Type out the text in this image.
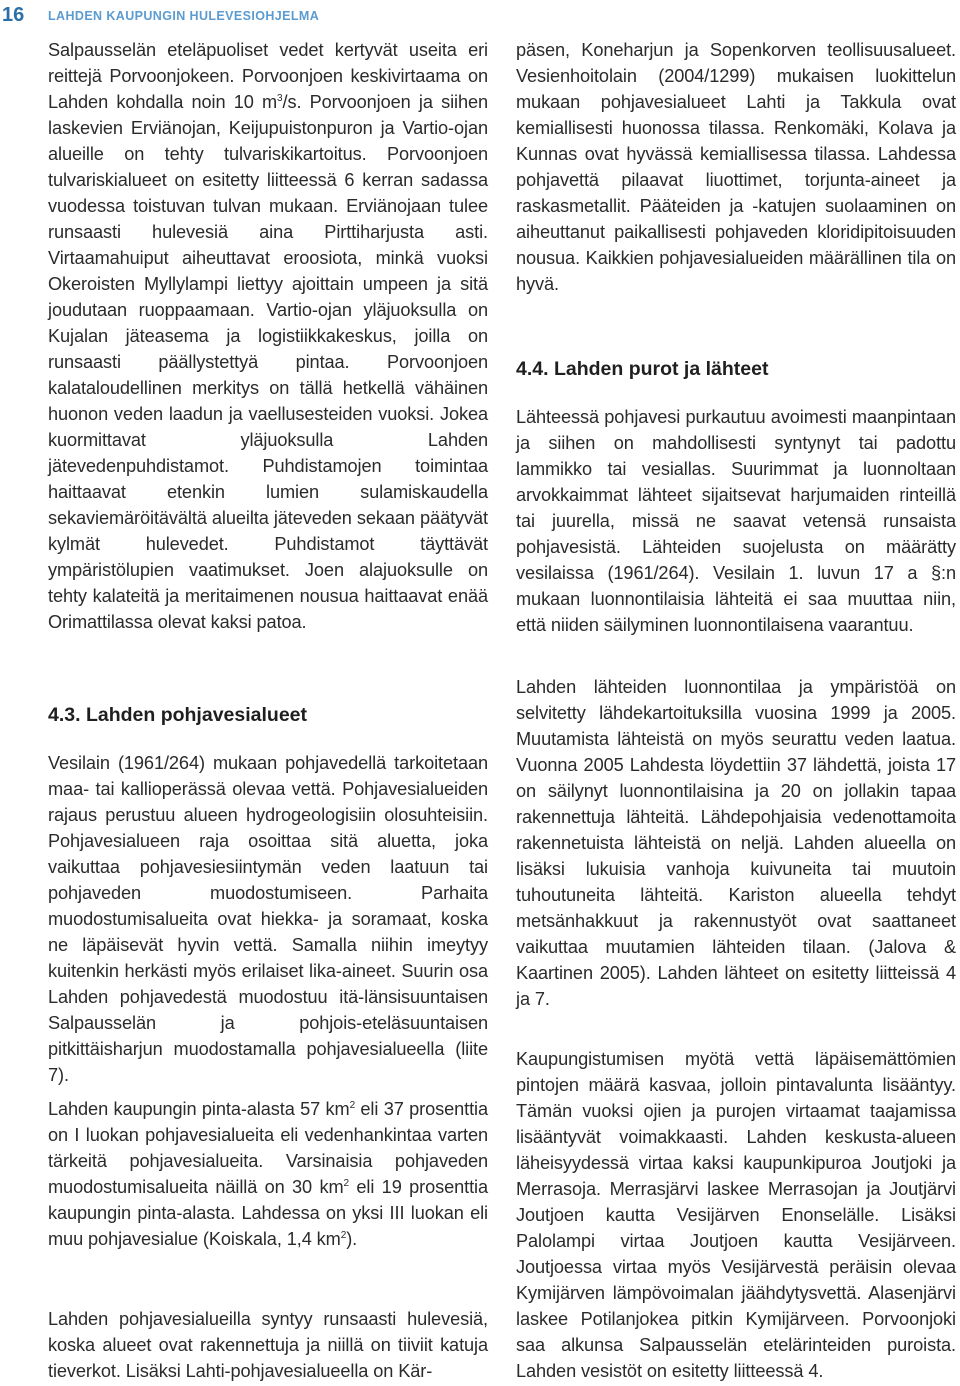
16 LAHDEN KAUPUNGIN HULEVESIOHJELMA

Salpausselän eteläpuoliset vedet kertyvät useita eri reittejä Porvoonjokeen. Porvoonjoen keskivirtaama on Lahden kohdalla noin 10 $m^3/s$. Porvoonjoen ja siihen laskevien Erviänojan, Keijupuistonpuron ja Vartio-ojan alueille on tehty tulvariskikartoitus. Porvoonjoen tulvariskialueet on esitetty liitteessä 6 kerran sadassa vuodessa toistuvan tulvan mukaan. Erviänojaan tulee runsaasti hulevesiä aina Pirttiharjusta asti. Virtaamahuiput aiheuttavat eroosiota, minkä vuoksi Okeroisten Myllylampi liettyy ajoittain umpeen ja sitä joudutaan ruoppaamaan. Vartio-ojan yläjuoksulla on Kujalan jäteasema ja logistiikkakeskus, joilla on runsaasti päällystettyä pintaa. Porvoonjoen kalataloudellinen merkitys on tällä hetkellä vähäinen huonon veden laadun ja vaellusesteiden vuoksi. Jokea kuormittavat yläjuoksulla Lahden jätevedenpuhdistamot. Puhdistamojen toimintaa haittaavat etenkin lumien sulamiskaudella sekaviemäröitävältä alueilta jäteveden sekaan päätyvät kylmät hulevedet. Puhdistamot täyttävät ympäristölupien vaatimukset. Joen alajuoksulle on tehty kalateitä ja meritaimenen nousua haittaavat enää Orimattilassa olevat kaksi patoa.

4.3. Lahden pohjavesialueet

Vesilain (1961/264) mukaan pohjavedellä tarkoitetaan maa- tai kallioperässä olevaa vettä. Pohjavesialueiden rajaus perustuu alueen hydrogeologisiin olosuhteisiin. Pohjavesialueen raja osoittaa sitä aluetta, joka vaikuttaa pohjavesiesiintymän veden laatuun tai pohjaveden muodostumiseen. Parhaita muodostumisalueita ovat hiekka- ja soramaat, koska ne läpäisevät hyvin vettä. Samalla niihin imeytyy kuitenkin herkästi myös erilaiset lika-aineet. Suurin osa Lahden pohjavedestä muodostuu itä-länsisuuntaisen Salpausselän ja pohjois-eteläsuuntaisen pitkittäisharjun muodostamalla pohjavesialueella (liite 7).

Lahden kaupungin pinta-alasta 57 $km^2$ eli 37 prosenttia on I luokan pohjavesialueita eli vedenhankintaa varten tärkeitä pohjavesialueita. Varsinaisia pohjaveden muodostumisalueita näillä on 30 $km^2$ eli 19 prosenttia kaupungin pinta-alasta. Lahdessa on yksi III luokan eli muu pohjavesialue (Koiskala, 1,4 $km^2$).

Lahden pohjavesialueilla syntyy runsaasti hulevesiä, koska alueet ovat rakennettuja ja niillä on tiiviit katuja tieverkot. Lisäksi Lahti-pohjavesialueella on Kär-

päsen, Koneharjun ja Sopenkorven teollisuusalueet. Vesienhoitolain (2004/1299) mukaisen luokittelun mukaan pohjavesialueet Lahti ja Takkula ovat kemiallisesti huonossa tilassa. Renkomäki, Kolava ja Kunnas ovat hyvässä kemiallisessa tilassa. Lahdessa pohjavettä pilaavat liuottimet, torjunta-aineet ja raskasmetallit. Pääteiden ja -katujen suolaaminen on aiheuttanut paikallisesti pohjaveden kloridipitoisuuden nousua. Kaikkien pohjavesialueiden määrällinen tila on hyvä.

4.4. Lahden purot ja lähteet

Lähteessä pohjavesi purkautuu avoimesti maanpintaan ja siihen on mahdollisesti syntynyt tai padottu lammikko tai vesiallas. Suurimmat ja luonnoltaan arvokkaimmat lähteet sijaitsevat harjumaiden rinteillä tai juurella, missä ne saavat vetensä runsaista pohjavesistä. Lähteiden suojelusta on määrätty vesilaissa (1961/264). Vesilain 1. luvun 17 a §:n mukaan luonnontilaisia lähteitä ei saa muuttaa niin, että niiden säilyminen luonnontilaisena vaarantuu.

Lahden lähteiden luonnontilaa ja ympäristöä on selvitetty lähdekartoituksilla vuosina 1999 ja 2005. Muutamista lähteistä on myös seurattu veden laatua. Vuonna 2005 Lahdesta löydettiin 37 lähdettä, joista 17 on säilynyt luonnontilaisina ja 20 on jollakin tapaa rakennettuja lähteitä. Lähdepohjaisia vedenottamoita rakennetuista lähteistä on neljä. Lahden alueella on lisäksi lukuisia vanhoja kuivuneita tai muutoin tuhoutuneita lähteitä. Kariston alueella tehdyt metsänhakkuut ja rakennustyöt ovat saattaneet vaikuttaa muutamien lähteiden tilaan. (Jalova & Kaartinen 2005). Lahden lähteet on esitetty liitteissä 4 ja 7.

Kaupungistumisen myötä vettä läpäisemättömien pintojen määrä kasvaa, jolloin pintavalunta lisääntyy. Tämän vuoksi ojien ja purojen virtaamat taajamissa lisääntyvät voimakkaasti. Lahden keskusta-alueen läheisyydessä virtaa kaksi kaupunkipuroa Joutjoki ja Merrasoja. Merrasjärvi laskee Merrasojan ja Joutjärvi Joutjoen kautta Vesijärven Enonselälle. Lisäksi Palolampi virtaa Joutjoen kautta Vesijärveen. Joutjoessa virtaa myös Vesijärvestä peräisin olevaa Kymijärven lämpövoimalan jäähdytysvettä. Alasenjärvi laskee Potilanjokea pitkin Kymijärveen. Porvoonjoki saa alkunsa Salpausselän etelärinteiden puroista. Lahden vesistöt on esitetty liitteessä 4.
